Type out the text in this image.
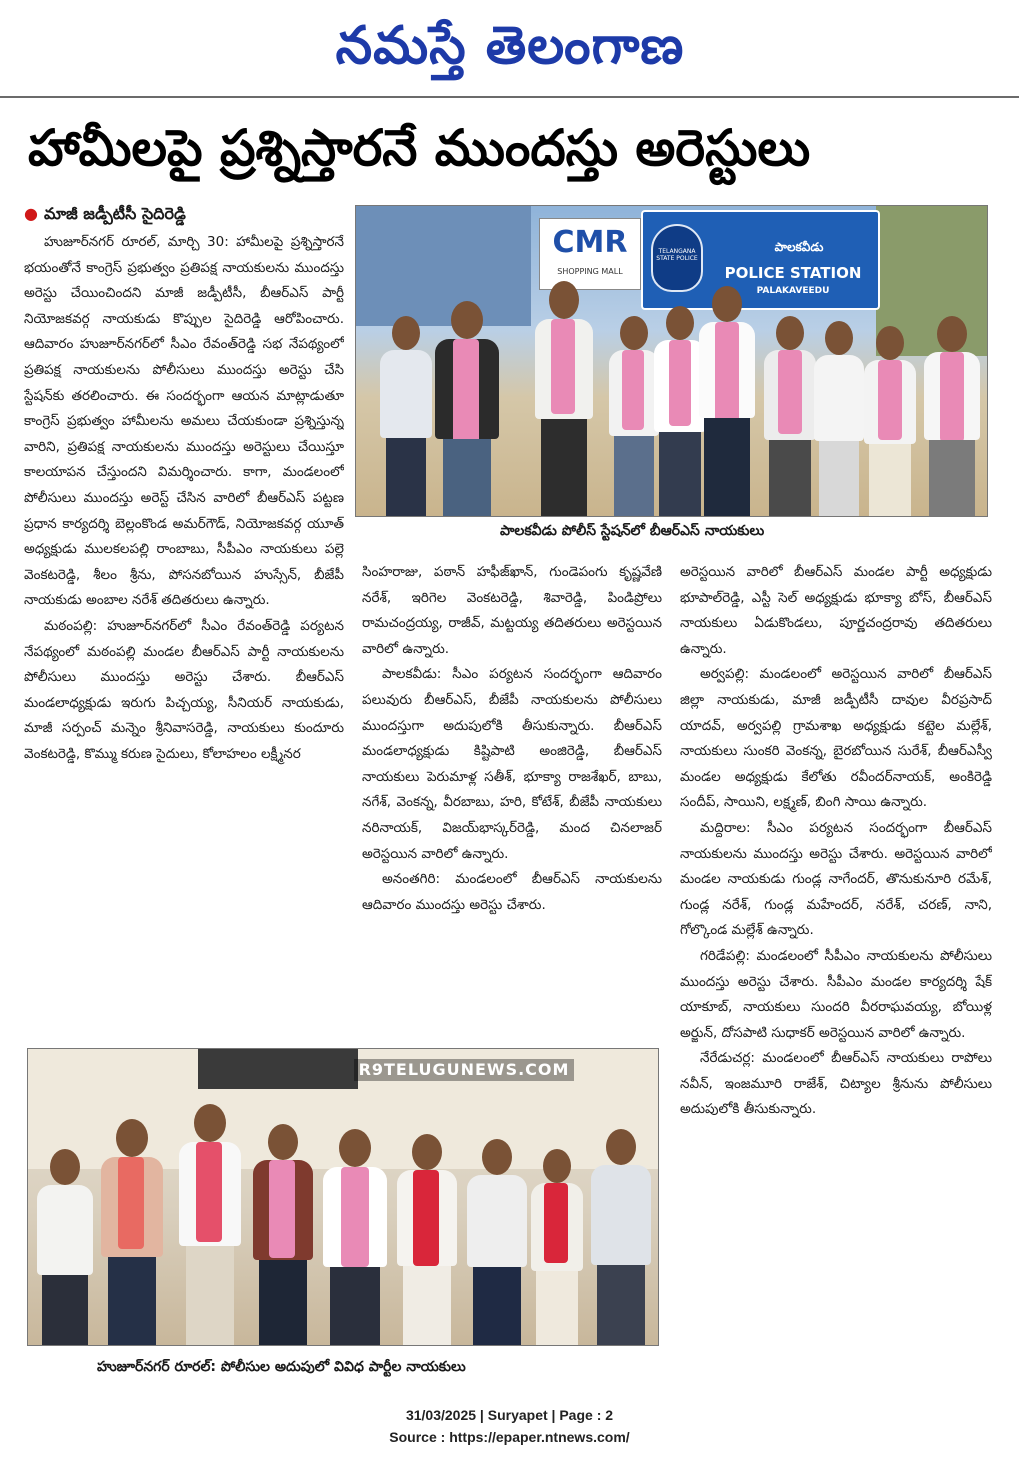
నమస్తే తెలంగాణ
హామీలపై ప్రశ్నిస్తారనే ముందస్తు అరెస్టులు
● మాజీ జడ్పీటీసీ సైదిరెడ్డి
CMR
SHOPPING MALL
TELANGANA STATE POLICE
పాలకవీడు
POLICE STATION
PALAKAVEEDU
పాలకవీడు పోలీస్ స్టేషన్‌లో బీఆర్ఎస్ నాయకులు

హుజూర్‌నగర్ రూరల్, మార్చి 30: హామీలపై ప్రశ్నిస్తారనే భయంతోనే కాంగ్రెస్ ప్రభుత్వం ప్రతిపక్ష నాయకులను ముందస్తు అరెస్టు చేయించిందని మాజీ జడ్పీటీసీ, బీఆర్ఎస్ పార్టీ నియోజకవర్గ నాయకుడు కొప్పుల సైదిరెడ్డి ఆరోపించారు. ఆదివారం హుజూర్‌నగర్‌లో సీఎం రేవంత్‌రెడ్డి సభ నేపథ్యంలో ప్రతిపక్ష నాయకులను పోలీసులు ముందస్తు అరెస్టు చేసి స్టేషన్‌కు తరలించారు. ఈ సందర్భంగా ఆయన మాట్లాడుతూ కాంగ్రెస్ ప్రభుత్వం హామీలను అమలు చేయకుండా ప్రశ్నిస్తున్న వారిని, ప్రతిపక్ష నాయకులను ముందస్తు అరెస్టులు చేయిస్తూ కాలయాపన చేస్తుందని విమర్శించారు. కాగా, మండలంలో పోలీసులు ముందస్తు అరెస్ట్ చేసిన వారిలో బీఆర్ఎస్ పట్టణ ప్రధాన కార్యదర్శి బెల్లంకొండ అమర్‌గౌడ్, నియోజకవర్గ యూత్ అధ్యక్షుడు ములకలపల్లి రాంబాబు, సీపీఎం నాయకులు పల్లె వెంకటరెడ్డి, శీలం శ్రీను, పోసనబోయిన హుస్సేన్, బీజేపీ నాయకుడు అంబాల నరేశ్ తదితరులు ఉన్నారు.

మఠంపల్లి: హుజూర్‌నగర్‌లో సీఎం రేవంత్‌రెడ్డి పర్యటన నేపథ్యంలో మఠంపల్లి మండల బీఆర్ఎస్ పార్టీ నాయకులను పోలీసులు ముందస్తు అరెస్టు చేశారు. బీఆర్ఎస్ మండలాధ్యక్షుడు ఇరుగు పిచ్చయ్య, సీనియర్ నాయకుడు, మాజీ సర్పంచ్ మన్నెం శ్రీనివాసరెడ్డి, నాయకులు కుందూరు వెంకటరెడ్డి, కొమ్ము కరుణ సైదులు, కోలాహలం లక్ష్మీనర

సింహరాజు, పఠాన్ హఫీజ్‌ఖాన్, గుండెపంగు కృష్ణవేణి నరేశ్, ఇరిగెల వెంకటరెడ్డి, శివారెడ్డి, పిండిప్రోలు రామచంద్రయ్య, రాజీవ్, మట్టయ్య తదితరులు అరెస్టయిన వారిలో ఉన్నారు.

పాలకవీడు: సీఎం పర్యటన సందర్భంగా ఆదివారం పలువురు బీఆర్ఎస్, బీజేపీ నాయకులను పోలీసులు ముందస్తుగా అదుపులోకి తీసుకున్నారు. బీఆర్ఎస్ మండలాధ్యక్షుడు కిష్టిపాటి అంజిరెడ్డి, బీఆర్ఎస్ నాయకులు పెరుమాళ్ల సతీశ్, భూక్యా రాజశేఖర్, బాబు, నగేశ్, వెంకన్న, వీరబాబు, హరి, కోటేశ్, బీజేపీ నాయకులు నరినాయక్, విజయ్‌భాస్కర్‌రెడ్డి, మంద చినలాజర్ అరెస్టయిన వారిలో ఉన్నారు.

అనంతగిరి: మండలంలో బీఆర్ఎస్ నాయకులను ఆదివారం ముందస్తు అరెస్టు చేశారు.

అరెస్టయిన వారిలో బీఆర్ఎస్ మండల పార్టీ అధ్యక్షుడు భూపాల్‌రెడ్డి, ఎస్టీ సెల్ అధ్యక్షుడు భూక్యా బోస్, బీఆర్ఎస్ నాయకులు ఏడుకొండలు, పూర్ణచంద్రరావు తదితరులు ఉన్నారు.

అర్వపల్లి: మండలంలో అరెస్టయిన వారిలో బీఆర్ఎస్ జిల్లా నాయకుడు, మాజీ జడ్పీటీసీ దావుల వీరప్రసాద్ యాదవ్, అర్వపల్లి గ్రామశాఖ అధ్యక్షుడు కట్టెల మల్లేశ్, నాయకులు సుంకరి వెంకన్న, బైరబోయిన సురేశ్, బీఆర్ఎస్వీ మండల అధ్యక్షుడు కేలోతు రవీందర్‌నాయక్, అంకిరెడ్డి సందీప్, సాయిని, లక్ష్మణ్, బింగి సాయి ఉన్నారు.

మద్దిరాల: సీఎం పర్యటన సందర్భంగా బీఆర్ఎస్ నాయకులను ముందస్తు అరెస్టు చేశారు. అరెస్టయిన వారిలో మండల నాయకుడు గుండ్ల నాగేందర్, తొనుకునూరి రమేశ్, గుండ్ల నరేశ్, గుండ్ల మహేందర్, నరేశ్, చరణ్, నాని, గోల్కొండ మల్లేశ్ ఉన్నారు.

గరిడేపల్లి: మండలంలో సీపీఎం నాయకులను పోలీసులు ముందస్తు అరెస్టు చేశారు. సీపీఎం మండల కార్యదర్శి షేక్ యాకూబ్, నాయకులు సుందరి వీరరాఘవయ్య, బోయిళ్ల అర్జున్, దోసపాటి సుధాకర్ అరెస్టయిన వారిలో ఉన్నారు.

నేరేడుచర్ల: మండలంలో బీఆర్ఎస్ నాయకులు రాపోలు నవీన్, ఇంజమూరి రాజేశ్, చిట్యాల శ్రీనును పోలీసులు అదుపులోకి తీసుకున్నారు.

R9TELUGUNEWS.COM
హుజూర్‌నగర్ రూరల్: పోలీసుల అదుపులో వివిధ పార్టీల నాయకులు
31/03/2025 | Suryapet | Page : 2
Source : https://epaper.ntnews.com/
